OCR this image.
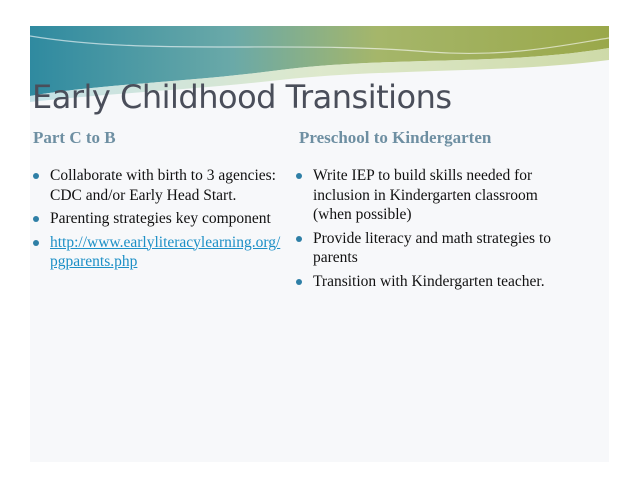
Early Childhood Transitions
Part C to B	Preschool to Kindergarten
Collaborate with birth to 3 agencies: CDC and/or Early Head Start.
Parenting strategies key component
http://www.earlyliteracylearning.org/pgparents.php
Write IEP to build skills needed for inclusion in Kindergarten classroom (when possible)
Provide literacy and math strategies to parents
Transition with Kindergarten teacher.
